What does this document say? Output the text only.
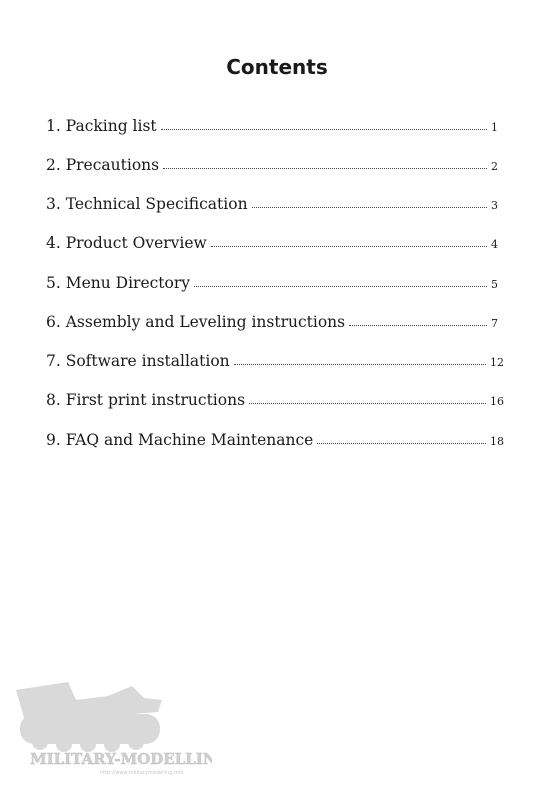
Contents
1. Packing list	1
2. Precautions	2
3. Technical Specification	3
4. Product Overview	4
5. Menu Directory	5
6. Assembly and Leveling instructions	7
7. Software installation	12
8. First print instructions	16
9. FAQ and Machine Maintenance	18
MILITARY-MODELLING
http://www.militarymodelling.info
